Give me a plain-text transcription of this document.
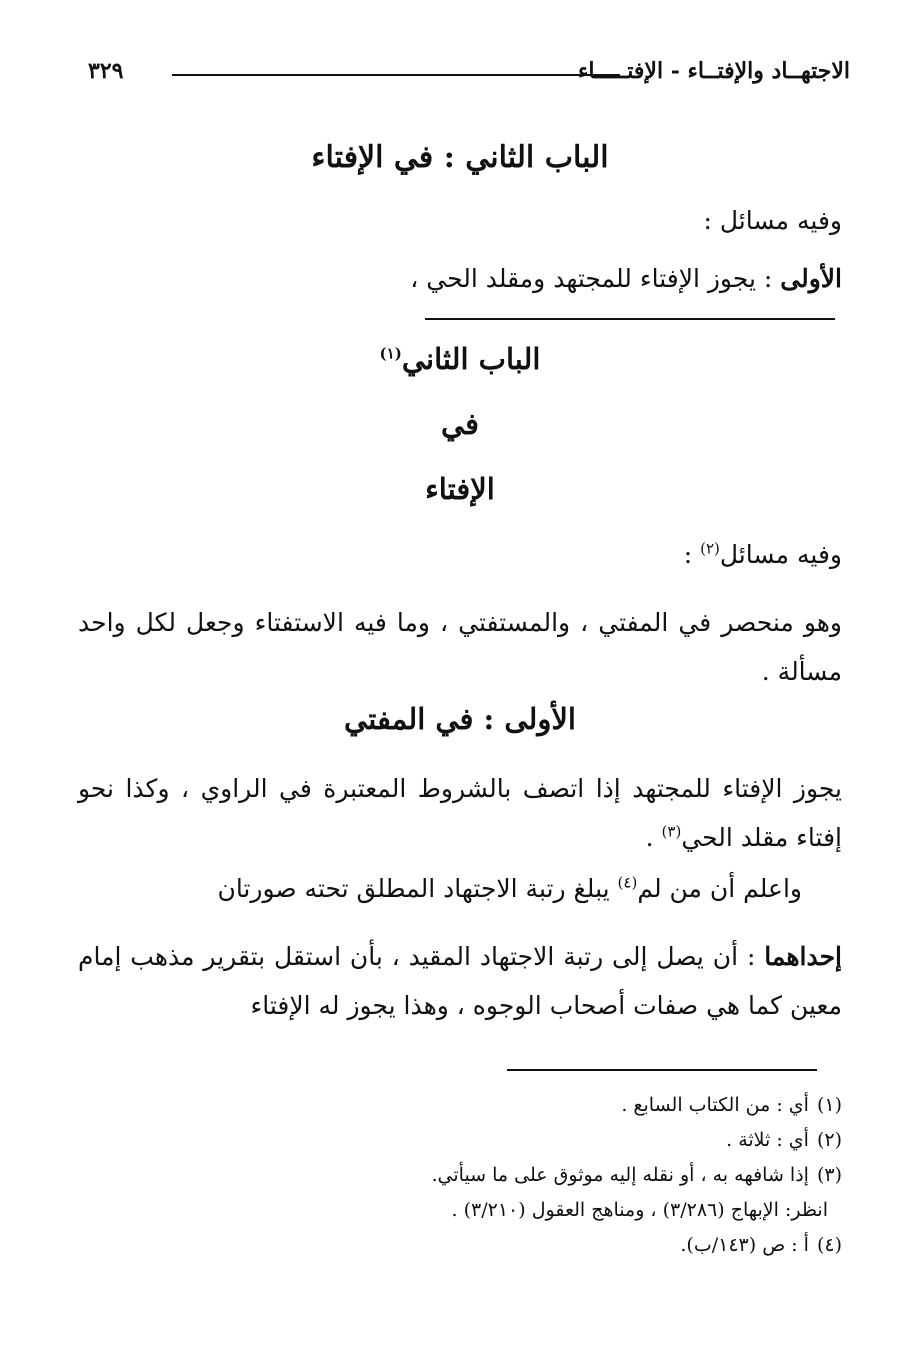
الاجتهــاد والإفتــاء - الإفتـــــاء
٣٢٩
الباب الثاني : في الإفتاء
وفيه مسائل :
الأولى : يجوز الإفتاء للمجتهد ومقلد الحي ،
الباب الثاني$^{(١)}$
في
الإفتاء
وفيه مسائل$^{(٢)}$ :
وهو منحصر في المفتي ، والمستفتي ، وما فيه الاستفتاء وجعل لكل واحد مسألة .
الأولى : في المفتي
يجوز الإفتاء للمجتهد إذا اتصف بالشروط المعتبرة في الراوي ، وكذا نحو إفتاء مقلد الحي$^{(٣)}$ .
واعلم أن من لم$^{(٤)}$ يبلغ رتبة الاجتهاد المطلق تحته صورتان
إحداهما : أن يصل إلى رتبة الاجتهاد المقيد ، بأن استقل بتقرير مذهب إمام معين كما هي صفات أصحاب الوجوه ، وهذا يجوز له الإفتاء
(١)أي : من الكتاب السابع .
(٢)أي : ثلاثة .
(٣)إذا شافهه به ، أو نقله إليه موثوق على ما سيأتي.
انظر: الإبهاج (٣/٢٨٦) ، ومناهج العقول (٣/٢١٠) .
(٤)أ : ص (١٤٣/ب).
